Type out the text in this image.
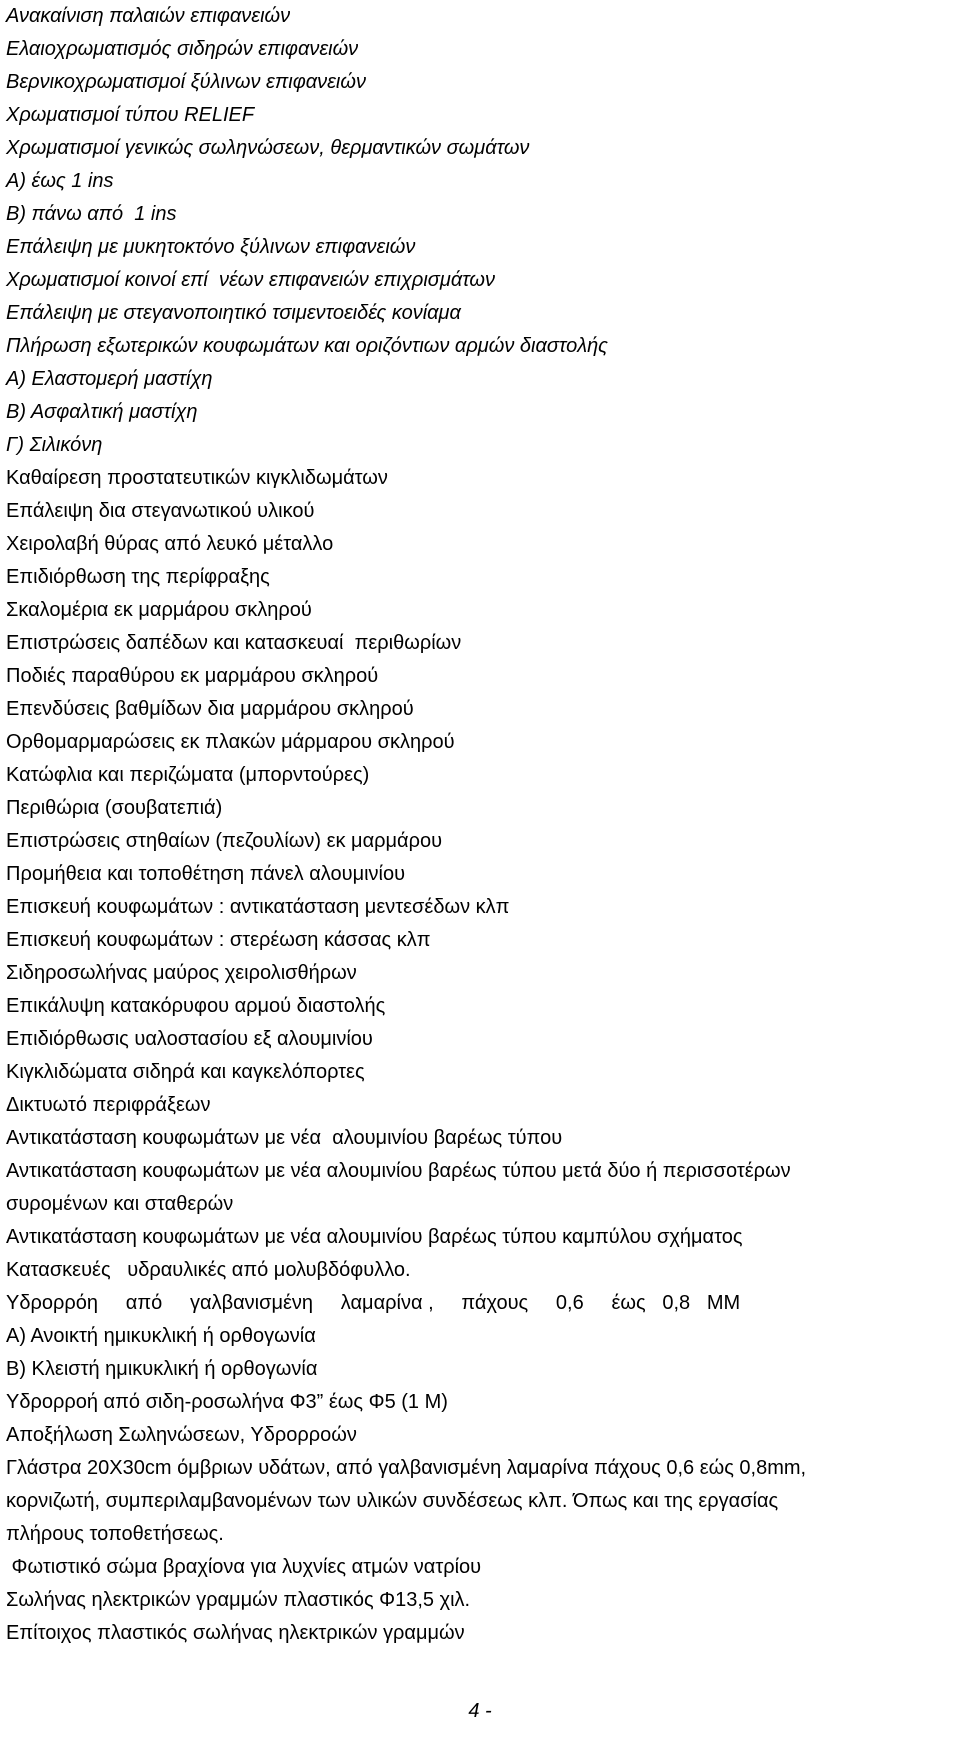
Ανακαίνιση παλαιών επιφανειών
Ελαιοχρωματισμός σιδηρών επιφανειών
Βερνικοχρωματισμοί ξύλινων επιφανειών
Χρωματισμοί τύπου RELIEF
Χρωματισμοί γενικώς σωληνώσεων, θερμαντικών σωμάτων
Α) έως 1 ins
Β) πάνω από  1 ins
Επάλειψη με μυκητοκτόνο ξύλινων επιφανειών
Χρωματισμοί κοινοί επί  νέων επιφανειών επιχρισμάτων
Επάλειψη με στεγανοποιητικό τσιμεντοειδές κονίαμα
Πλήρωση εξωτερικών κουφωμάτων και οριζόντιων αρμών διαστολής
Α) Ελαστομερή μαστίχη
Β) Ασφαλτική μαστίχη
Γ) Σιλικόνη
Καθαίρεση προστατευτικών κιγκλιδωμάτων
Επάλειψη δια στεγανωτικού υλικού
Χειρολαβή θύρας από λευκό μέταλλο
Επιδιόρθωση της περίφραξης
Σκαλομέρια εκ μαρμάρου σκληρού
Επιστρώσεις δαπέδων και κατασκευαί  περιθωρίων
Ποδιές παραθύρου εκ μαρμάρου σκληρού
Επενδύσεις βαθμίδων δια μαρμάρου σκληρού
Ορθομαρμαρώσεις εκ πλακών μάρμαρου σκληρού
Κατώφλια και περιζώματα (μπορντούρες)
Περιθώρια (σουβατεπιά)
Επιστρώσεις στηθαίων (πεζουλίων) εκ μαρμάρου
Προμήθεια και τοποθέτηση πάνελ αλουμινίου
Επισκευή κουφωμάτων : αντικατάσταση μεντεσέδων κλπ
Επισκευή κουφωμάτων : στερέωση κάσσας κλπ
Σιδηροσωλήνας μαύρος χειρολισθήρων
Επικάλυψη κατακόρυφου αρμού διαστολής
Επιδιόρθωσις υαλοστασίου εξ αλουμινίου
Κιγκλιδώματα σιδηρά και καγκελόπορτες
Δικτυωτό περιφράξεων
Αντικατάσταση κουφωμάτων με νέα  αλουμινίου βαρέως τύπου
Αντικατάσταση κουφωμάτων με νέα αλουμινίου βαρέως τύπου μετά δύο ή περισσοτέρων
συρομένων και σταθερών
Αντικατάσταση κουφωμάτων με νέα αλουμινίου βαρέως τύπου καμπύλου σχήματος
Κατασκευές   υδραυλικές από μολυβδόφυλλο.
Υδρορρόη     από     γαλβανισμένη     λαμαρίνα ,     πάχους     0,6     έως   0,8   ΜΜ
Α) Ανοικτή ημικυκλική ή ορθογωνία
Β) Κλειστή ημικυκλική ή ορθογωνία
Υδρορροή από σιδη-ροσωλήνα Φ3” έως Φ5 (1 Μ)
Αποξήλωση Σωληνώσεων, Υδρορροών
Γλάστρα 20Χ30cm όμβριων υδάτων, από γαλβανισμένη λαμαρίνα πάχους 0,6 εώς 0,8mm,
κορνιζωτή, συμπεριλαμβανομένων των υλικών συνδέσεως κλπ. Όπως και της εργασίας
πλήρους τοποθετήσεως.
Φωτιστικό σώμα βραχίονα για λυχνίες ατμών νατρίου
Σωλήνας ηλεκτρικών γραμμών πλαστικός Φ13,5 χιλ.
Επίτοιχος πλαστικός σωλήνας ηλεκτρικών γραμμών
4 -
